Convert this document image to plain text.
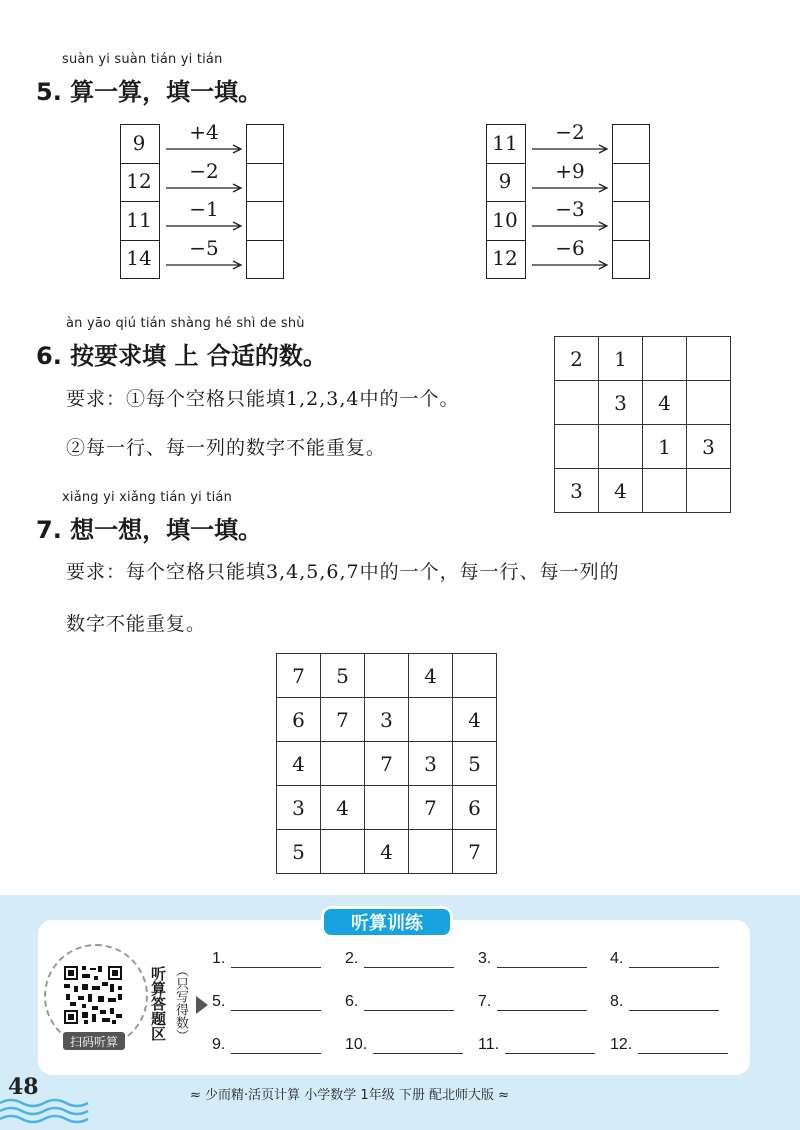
suàn yi suàn tián yi tián
5. 算一算，填一填。
9	+4
12	−2
11	−1
14	−5
11	−2
9	+9
10	−3
12	−6
àn yāo qiú tián shàng hé shì de shù
6. 按要求填 上 合适的数。
要求：①每个空格只能填1,2,3,4中的一个。
②每一行、每一列的数字不能重复。
2	1		
	3	4	
		1	3
3	4		
xiǎng yi xiǎng tián yi tián
7. 想一想，填一填。
要求：每个空格只能填3,4,5,6,7中的一个，每一行、每一列的
数字不能重复。
7	5		4	
6	7	3		4
4		7	3	5
3	4		7	6
5		4		7
听算训练
扫码听算
听算答题区 （只写得数）
1.	2.	3.	4.
5.	6.	7.	8.
9.	10.	11.	12.
48	≈ 少而精·活页计算 小学数学 1年级 下册 配北师大版 ≈
